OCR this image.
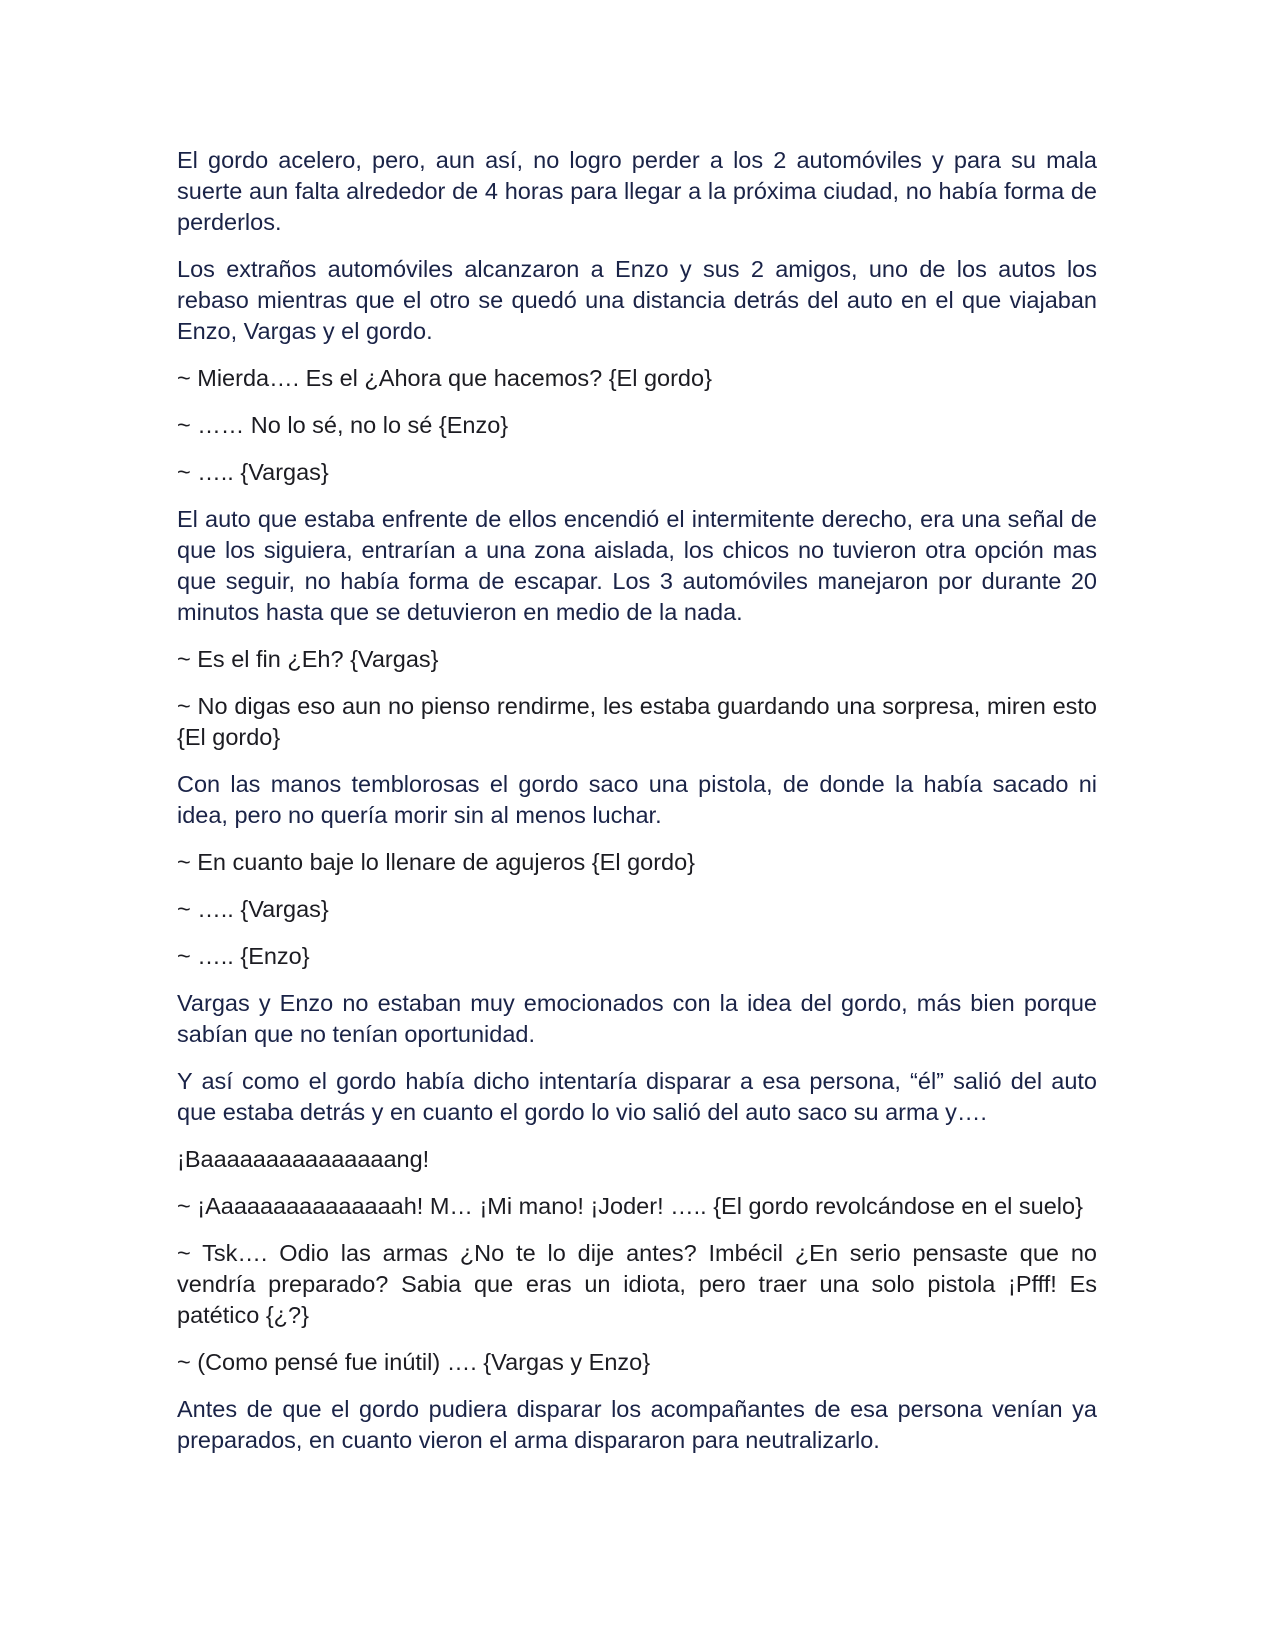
El gordo acelero, pero, aun así, no logro perder a los 2 automóviles y para su mala suerte aun falta alrededor de 4 horas para llegar a la próxima ciudad, no había forma de perderlos.

Los extraños automóviles alcanzaron a Enzo y sus 2 amigos, uno de los autos los rebaso mientras que el otro se quedó una distancia detrás del auto en el que viajaban Enzo, Vargas y el gordo.

~ Mierda…. Es el ¿Ahora que hacemos? {El gordo}

~ …… No lo sé, no lo sé {Enzo}

~ ….. {Vargas}

El auto que estaba enfrente de ellos encendió el intermitente derecho, era una señal de que los siguiera, entrarían a una zona aislada, los chicos no tuvieron otra opción mas que seguir, no había forma de escapar. Los 3 automóviles manejaron por durante 20 minutos hasta que se detuvieron en medio de la nada.

~ Es el fin ¿Eh? {Vargas}

~ No digas eso aun no pienso rendirme, les estaba guardando una sorpresa, miren esto {El gordo}

Con las manos temblorosas el gordo saco una pistola, de donde la había sacado ni idea, pero no quería morir sin al menos luchar.

~ En cuanto baje lo llenare de agujeros {El gordo}

~ ….. {Vargas}

~ ….. {Enzo}

Vargas y Enzo no estaban muy emocionados con la idea del gordo, más bien porque sabían que no tenían oportunidad.

Y así como el gordo había dicho intentaría disparar a esa persona, “él” salió del auto que estaba detrás y en cuanto el gordo lo vio salió del auto saco su arma y….

¡Baaaaaaaaaaaaaaang!

~ ¡Aaaaaaaaaaaaaaah! M… ¡Mi mano! ¡Joder! ….. {El gordo revolcándose en el suelo}

~ Tsk…. Odio las armas ¿No te lo dije antes? Imbécil ¿En serio pensaste que no vendría preparado? Sabia que eras un idiota, pero traer una solo pistola ¡Pfff! Es patético {¿?}

~ (Como pensé fue inútil) …. {Vargas y Enzo}

Antes de que el gordo pudiera disparar los acompañantes de esa persona venían ya preparados, en cuanto vieron el arma dispararon para neutralizarlo.
